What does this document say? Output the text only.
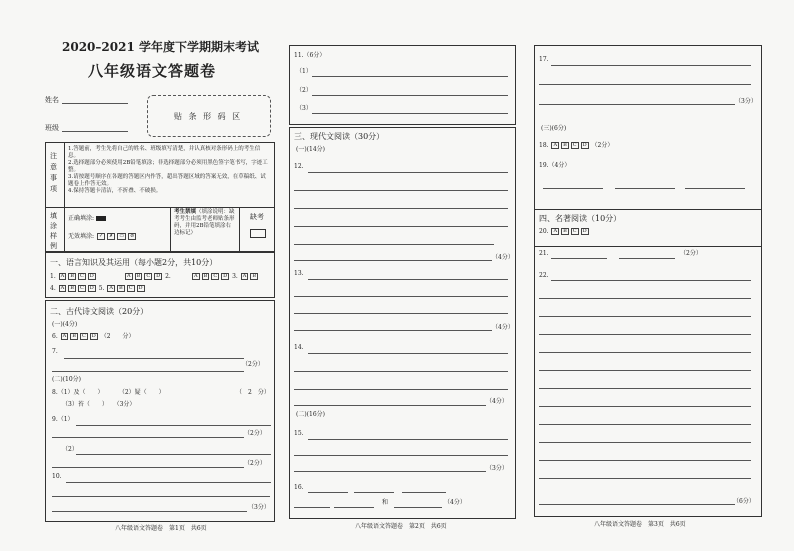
2020–2021 学年度下学期期末考试
八年级语文答题卷
姓名
班级
贴 条 形 码 区
注意事项
1.答题前，考生先将自己的姓名、班级填写清楚，并认真核对条形码上的考生信息。
2.选择题部分必须使用2B铅笔填涂；非选择题部分必须用黑色签字笔书写，字迹工整。
3.请按题号顺序在各题的答题区内作答，超出答题区域的答案无效，在草稿纸、试题卷上作答无效。
4.保持答题卡清洁，不折叠、不破损。
填涂样例
正确填涂:
无效填涂: ✓ ✗ ▭ ⊘
考生禁填（填涂说明：缺考考生由监考老师贴条形码，并用2B铅笔填涂右边标记）
缺考
一、语言知识及其运用（每小题2分，共10分）
1. A B C D	A B C D 2.	A B C D 3. A B
4. A B C D 5. A B C D
二、古代诗文阅读（20分）
(一)(4分)
6. A B C D （2　　分）
7.
（2分）
(二)(10分)
8.（1）及（　　）	（2）疑（　　）	（　2　分）
（3）苔（　　） （3分）
9.（1）
（2分）
（2）
（2分）
10.
（3分）
八年级语文答题卷　第1页　共6页
11.（6分）
（1）
（2）
（3）
三、现代文阅读（30分）
(一)(14分)
12.
（4分）
13.
（4分）
14.
（4分）
(二)(16分)
15.
（3分）
16.
和	（4分）
八年级语文答题卷　第2页　共6页
17.
（3分）
(三)(6分)
18. A B C D （2分）
19.（4分）
四、名著阅读（10分）
20. A B C D
21.	（2分）
22.
（6分）
八年级语文答题卷　第3页　共6页
